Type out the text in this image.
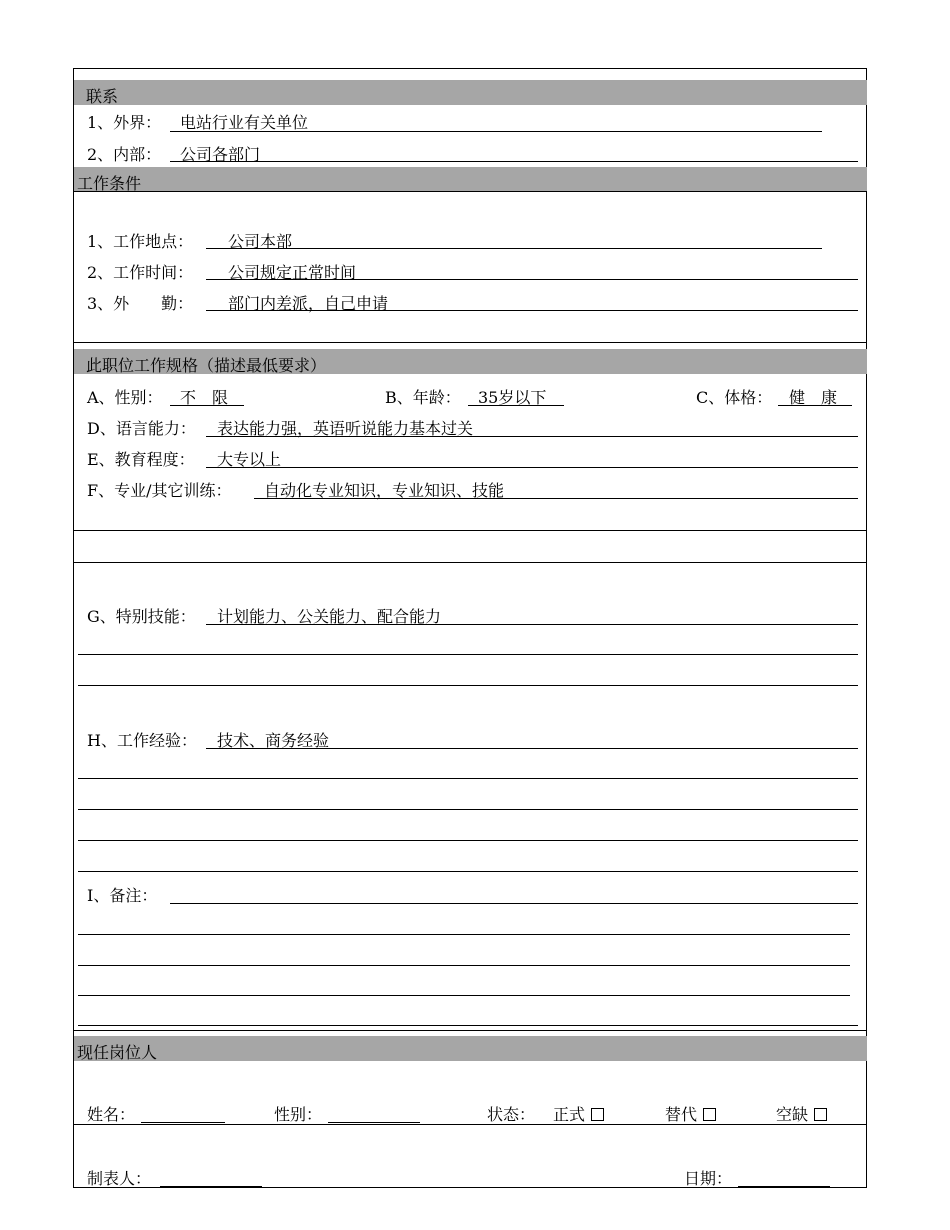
联系
1、外界： 电站行业有关单位
2、内部： 公司各部门
工作条件
1、工作地点： 公司本部
2、工作时间： 公司规定正常时间
3、外　　勤： 部门内差派，自己申请
此职位工作规格（描述最低要求）
A、性别： 不　限	B、年龄： 35岁以下	C、体格： 健　康
D、语言能力： 表达能力强，英语听说能力基本过关
E、教育程度： 大专以上
F、专业/其它训练： 自动化专业知识，专业知识、技能
G、特别技能： 计划能力、公关能力、配合能力
H、工作经验： 技术、商务经验
I、备注：
现任岗位人
姓名：	性别：	状态： 正式	替代	空缺
制表人：	日期：
